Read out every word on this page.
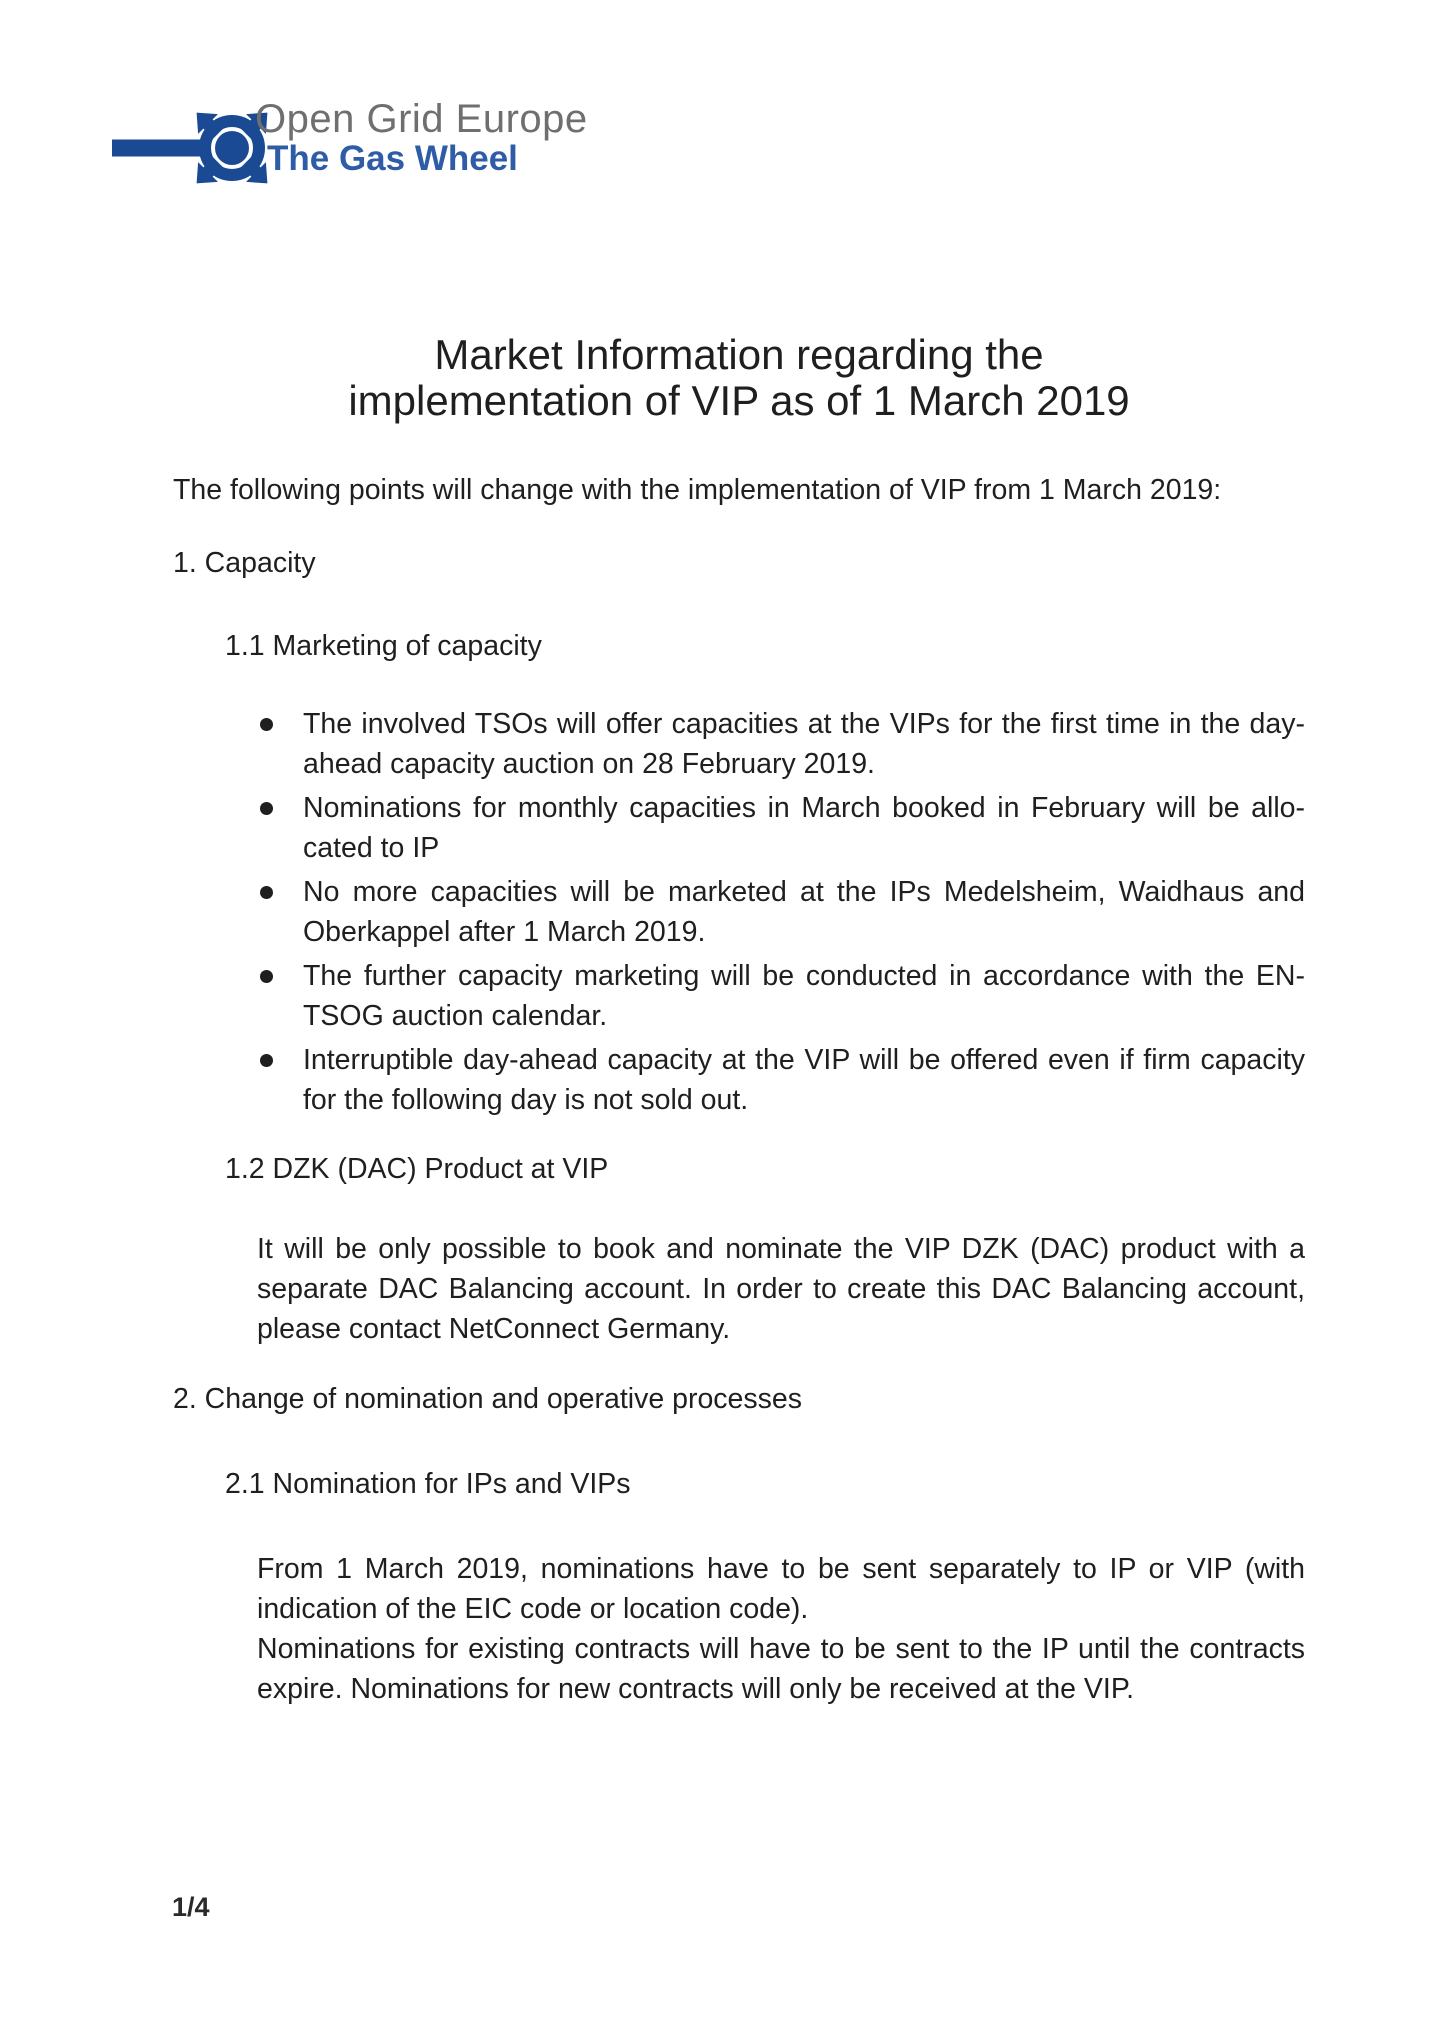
Open Grid Europe
The Gas Wheel
Market Information regarding the
implementation of VIP as of 1 March 2019
The following points will change with the implementation of VIP from 1 March 2019:
1. Capacity
1.1 Marketing of capacity
The involved TSOs will offer capacities at the VIPs for the first time in the day-
ahead capacity auction on 28 February 2019.
Nominations for monthly capacities in March booked in February will be allo-
cated to IP
No more capacities will be marketed at the IPs Medelsheim, Waidhaus and
Oberkappel after 1 March 2019.
The further capacity marketing will be conducted in accordance with the EN-
TSOG auction calendar.
Interruptible day-ahead capacity at the VIP will be offered even if firm capacity
for the following day is not sold out.
1.2 DZK (DAC) Product at VIP
It will be only possible to book and nominate the VIP DZK (DAC) product with a
separate DAC Balancing account. In order to create this DAC Balancing account,
please contact NetConnect Germany.
2. Change of nomination and operative processes
2.1 Nomination for IPs and VIPs
From 1 March 2019, nominations have to be sent separately to IP or VIP (with
indication of the EIC code or location code).
Nominations for existing contracts will have to be sent to the IP until the contracts
expire. Nominations for new contracts will only be received at the VIP.
1/4
